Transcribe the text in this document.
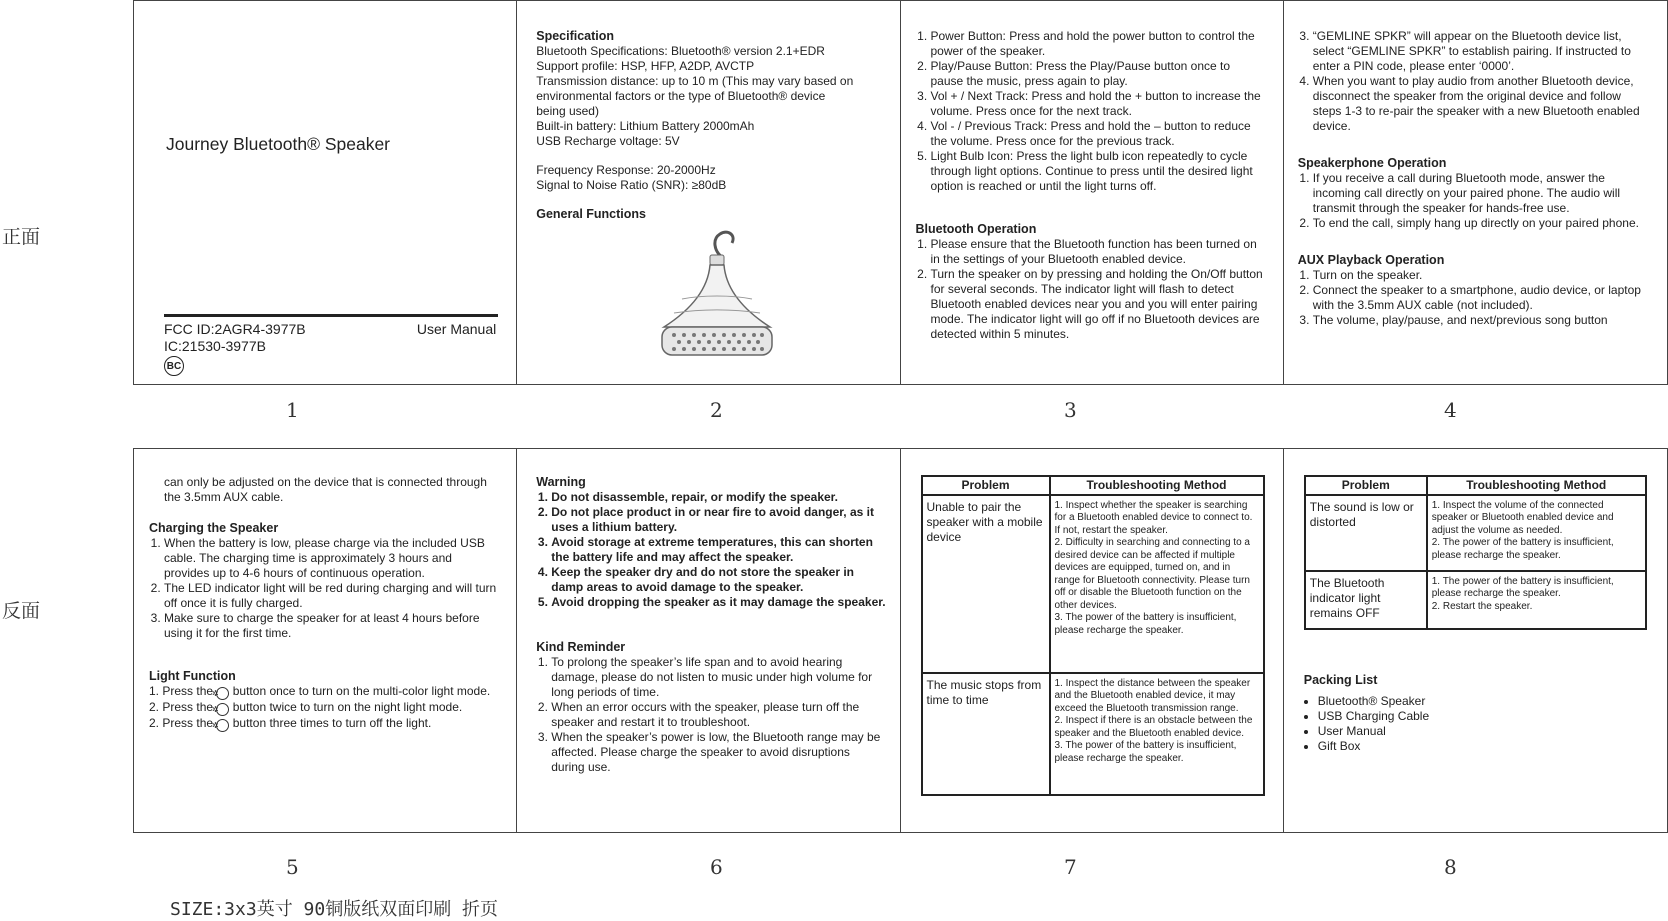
正面
反面
Journey Bluetooth® Speaker
FCC ID:2AGR4-3977B
IC:21530-3977B
User Manual
BC

Specification

Bluetooth Specifications: Bluetooth® version 2.1+EDR

Support profile: HSP, HFP, A2DP, AVCTP

Transmission distance: up to 10 m (This may vary based on

environmental factors or the type of Bluetooth® device

being used)

Built-in battery: Lithium Battery 2000mAh

USB Recharge voltage: 5V

Frequency Response: 20-2000Hz

Signal to Noise Ratio (SNR): ≥80dB

General Functions

1. Power Button: Press and hold the power button to control the power of the speaker.
2. Play/Pause Button: Press the Play/Pause button once to pause the music, press again to play.
3. Vol + / Next Track: Press and hold the + button to increase the volume. Press once for the next track.
4. Vol - / Previous Track: Press and hold the – button to reduce the volume. Press once for the previous track.
5. Light Bulb Icon: Press the light bulb icon repeatedly to cycle through light options. Continue to press until the desired light option is reached or until the light turns off.

Bluetooth Operation

1. Please ensure that the Bluetooth function has been turned on in the settings of your Bluetooth enabled device.
2. Turn the speaker on by pressing and holding the On/Off button for several seconds. The indicator light will flash to detect Bluetooth enabled devices near you and you will enter pairing mode. The indicator light will go off if no Bluetooth devices are detected within 5 minutes.
3. “GEMLINE SPKR” will appear on the Bluetooth device list, select “GEMLINE SPKR” to establish pairing. If instructed to enter a PIN code, please enter ‘0000’.
4. When you want to play audio from another Bluetooth device, disconnect the speaker from the original device and follow steps 1-3 to re-pair the speaker with a new Bluetooth enabled device.

Speakerphone Operation

1. If you receive a call during Bluetooth mode, answer the incoming call directly on your paired phone. The audio will transmit through the speaker for hands-free use.
2. To end the call, simply hang up directly on your paired phone.

AUX Playback Operation

1. Turn on the speaker.
2. Connect the speaker to a smartphone, audio device, or laptop with the 3.5mm AUX cable (not included).
3. The volume, play/pause, and next/previous song button
1	2	3	4

can only be adjusted on the device that is connected through the 3.5mm AUX cable.

Charging the Speaker

1. When the battery is low, please charge via the included USB cable. The charging time is approximately 3 hours and provides up to 4-6 hours of continuous operation.
2. The LED indicator light will be red during charging and will turn off once it is fully charged.
3. Make sure to charge the speaker for at least 4 hours before using it for the first time.

Light Function

1. Press the ✲ button once to turn on the multi-color light mode.

2. Press the ✲ button twice to turn on the night light mode.

2. Press the ✲ button three times to turn off the light.

Warning

1. Do not disassemble, repair, or modify the speaker.
2. Do not place product in or near fire to avoid danger, as it uses a lithium battery.
3. Avoid storage at extreme temperatures, this can shorten the battery life and may affect the speaker.
4. Keep the speaker dry and do not store the speaker in damp areas to avoid damage to the speaker.
5. Avoid dropping the speaker as it may damage the speaker.

Kind Reminder

1. To prolong the speaker’s life span and to avoid hearing damage, please do not listen to music under high volume for long periods of time.
2. When an error occurs with the speaker, please turn off the speaker and restart it to troubleshoot.
3. When the speaker’s power is low, the Bluetooth range may be affected. Please charge the speaker to avoid disruptions during use.
Problem	Troubleshooting Method
Unable to pair the speaker with a mobile device	1. Inspect whether the speaker is searching for a Bluetooth enabled device to connect to. If not, restart the speaker.
2. Difficulty in searching and connecting to a desired device can be affected if multiple devices are equipped, turned on, and in range for Bluetooth connectivity. Please turn off or disable the Bluetooth function on the other devices.
3. The power of the battery is insufficient, please recharge the speaker.

The music stops from time to time	1. Inspect the distance between the speaker and the Bluetooth enabled device, it may exceed the Bluetooth transmission range.
2. Inspect if there is an obstacle between the speaker and the Bluetooth enabled device.
3. The power of the battery is insufficient, please recharge the speaker.
Problem	Troubleshooting Method
The sound is low or distorted	1. Inspect the volume of the connected speaker or Bluetooth enabled device and adjust the volume as needed.
2. The power of the battery is insufficient, please recharge the speaker.

The Bluetooth indicator light remains OFF	1. The power of the battery is insufficient, please recharge the speaker.
2. Restart the speaker.

Packing List

• Bluetooth® Speaker
• USB Charging Cable
• User Manual
• Gift Box
5	6	7	8
SIZE:3x3英寸 90铜版纸双面印刷 折页
